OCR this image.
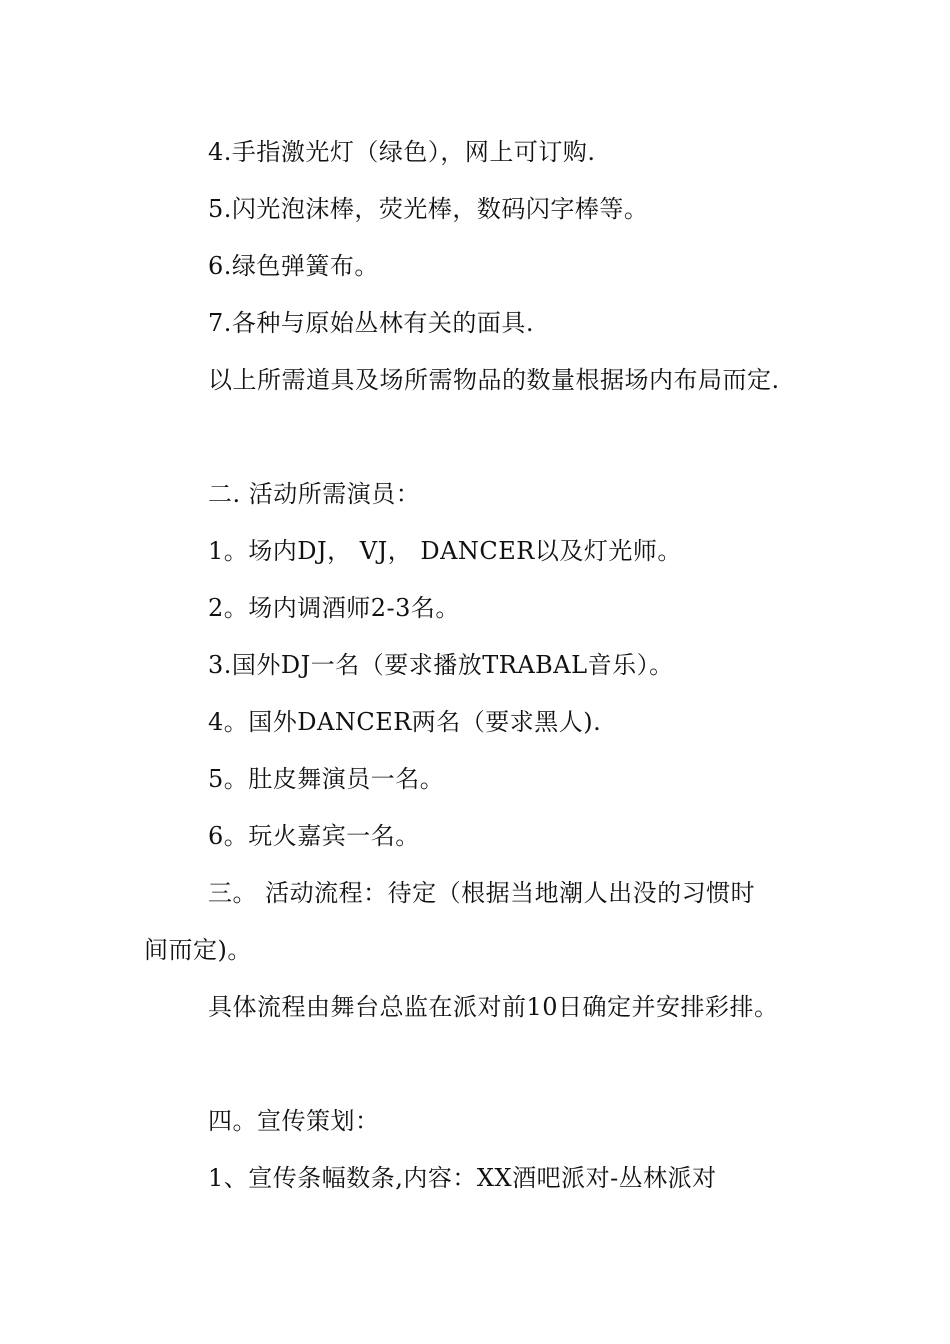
4.手指激光灯（绿色），网上可订购.
5.闪光泡沫棒，荧光棒，数码闪字棒等。
6.绿色弹簧布。
7.各种与原始丛林有关的面具.
以上所需道具及场所需物品的数量根据场内布局而定.
二. 活动所需演员：
1。场内DJ， VJ， DANCER以及灯光师。
2。场内调酒师2-3名。
3.国外DJ一名（要求播放TRABAL音乐）。
4。国外DANCER两名（要求黑人).
5。肚皮舞演员一名。
6。玩火嘉宾一名。
三。 活动流程：待定（根据当地潮人出没的习惯时
间而定)。
具体流程由舞台总监在派对前10日确定并安排彩排。
四。宣传策划：
1、宣传条幅数条,内容：XX酒吧派对-丛林派对
